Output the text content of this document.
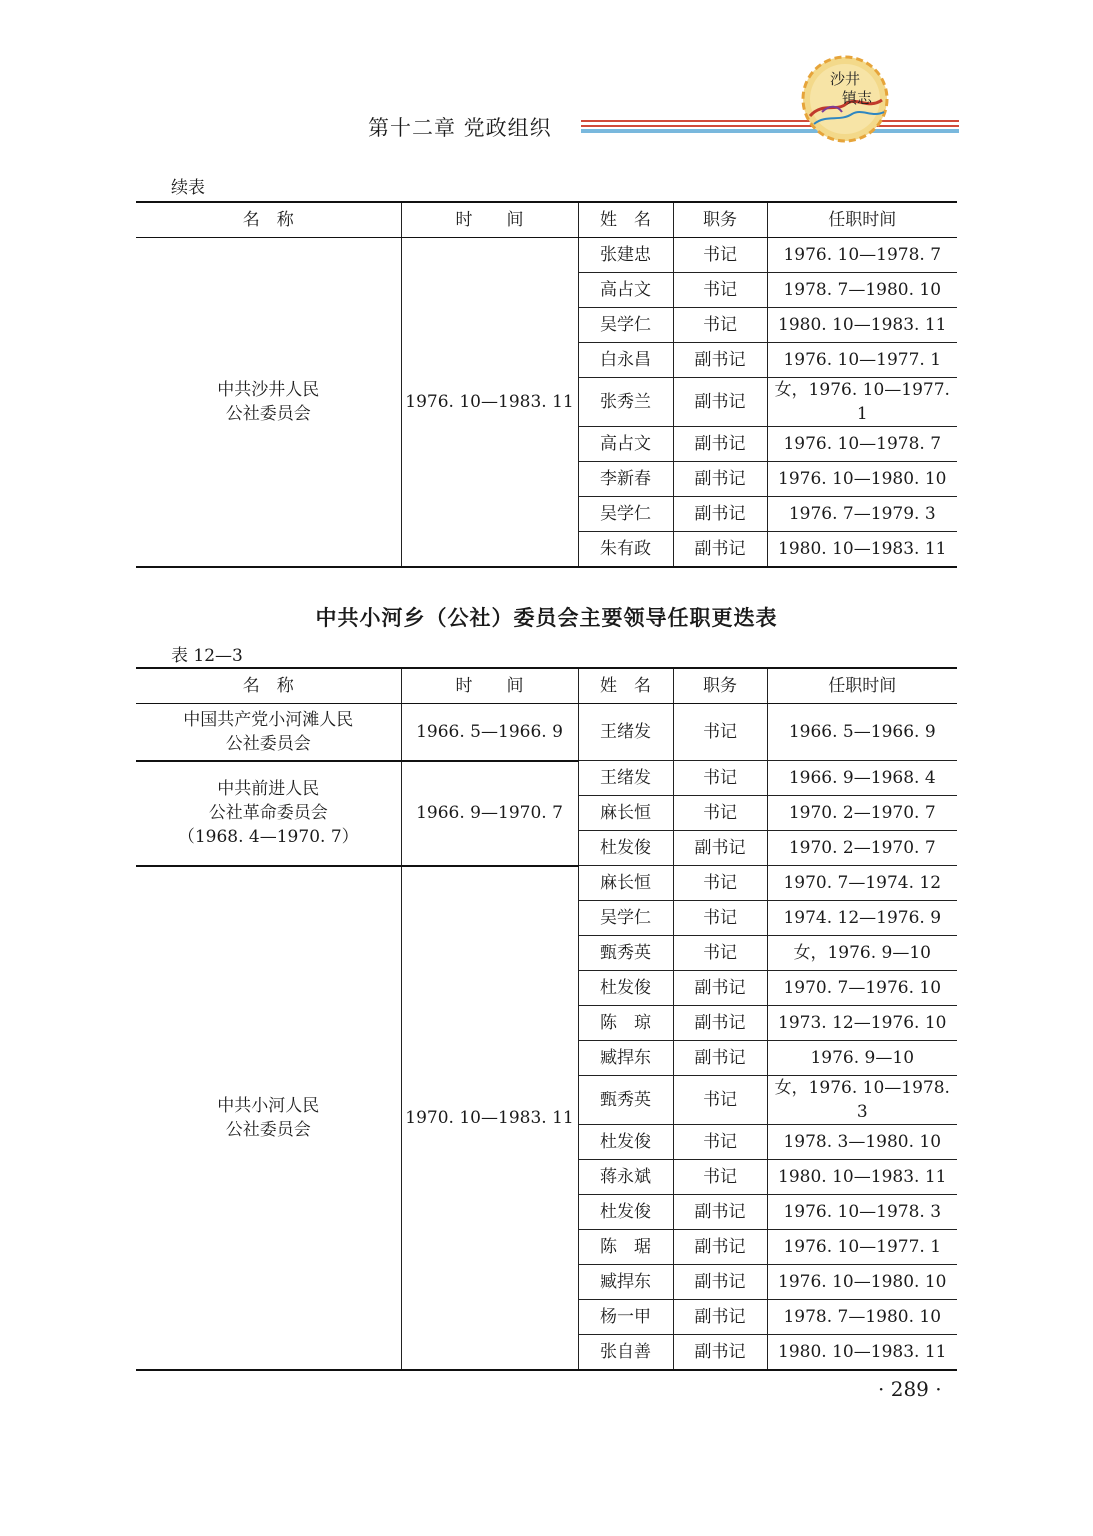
第十二章 党政组织
沙井
镇志
续表
名　称	时　　间	姓　名	职务	任职时间

中共沙井人民
公社委员会	1976. 10—1983. 11	张建忠	书记	1976. 10—1978. 7
		高占文	书记	1978. 7—1980. 10
		吴学仁	书记	1980. 10—1983. 11
		白永昌	副书记	1976. 10—1977. 1
		张秀兰	副书记	女，1976. 10—1977. 1
		高占文	副书记	1976. 10—1978. 7
		李新春	副书记	1976. 10—1980. 10
		吴学仁	副书记	1976. 7—1979. 3
		朱有政	副书记	1980. 10—1983. 11
中共小河乡（公社）委员会主要领导任职更迭表
表 12—3
名　称	时　　间	姓　名	职务	任职时间

中国共产党小河滩人民
公社委员会	1966. 5—1966. 9	王绪发	书记	1966. 5—1966. 9

中共前进人民
公社革命委员会
（1968. 4—1970. 7）	1966. 9—1970. 7	王绪发	书记	1966. 9—1968. 4
		麻长恒	书记	1970. 2—1970. 7
		杜发俊	副书记	1970. 2—1970. 7

中共小河人民
公社委员会	1970. 10—1983. 11	麻长恒	书记	1970. 7—1974. 12
		吴学仁	书记	1974. 12—1976. 9
		甄秀英	书记	女，1976. 9—10
		杜发俊	副书记	1970. 7—1976. 10
		陈　琼	副书记	1973. 12—1976. 10
		臧捍东	副书记	1976. 9—10
		甄秀英	书记	女，1976. 10—1978. 3
		杜发俊	书记	1978. 3—1980. 10
		蒋永斌	书记	1980. 10—1983. 11
		杜发俊	副书记	1976. 10—1978. 3
		陈　琚	副书记	1976. 10—1977. 1
		臧捍东	副书记	1976. 10—1980. 10
		杨一甲	副书记	1978. 7—1980. 10
		张自善	副书记	1980. 10—1983. 11
· 289 ·
